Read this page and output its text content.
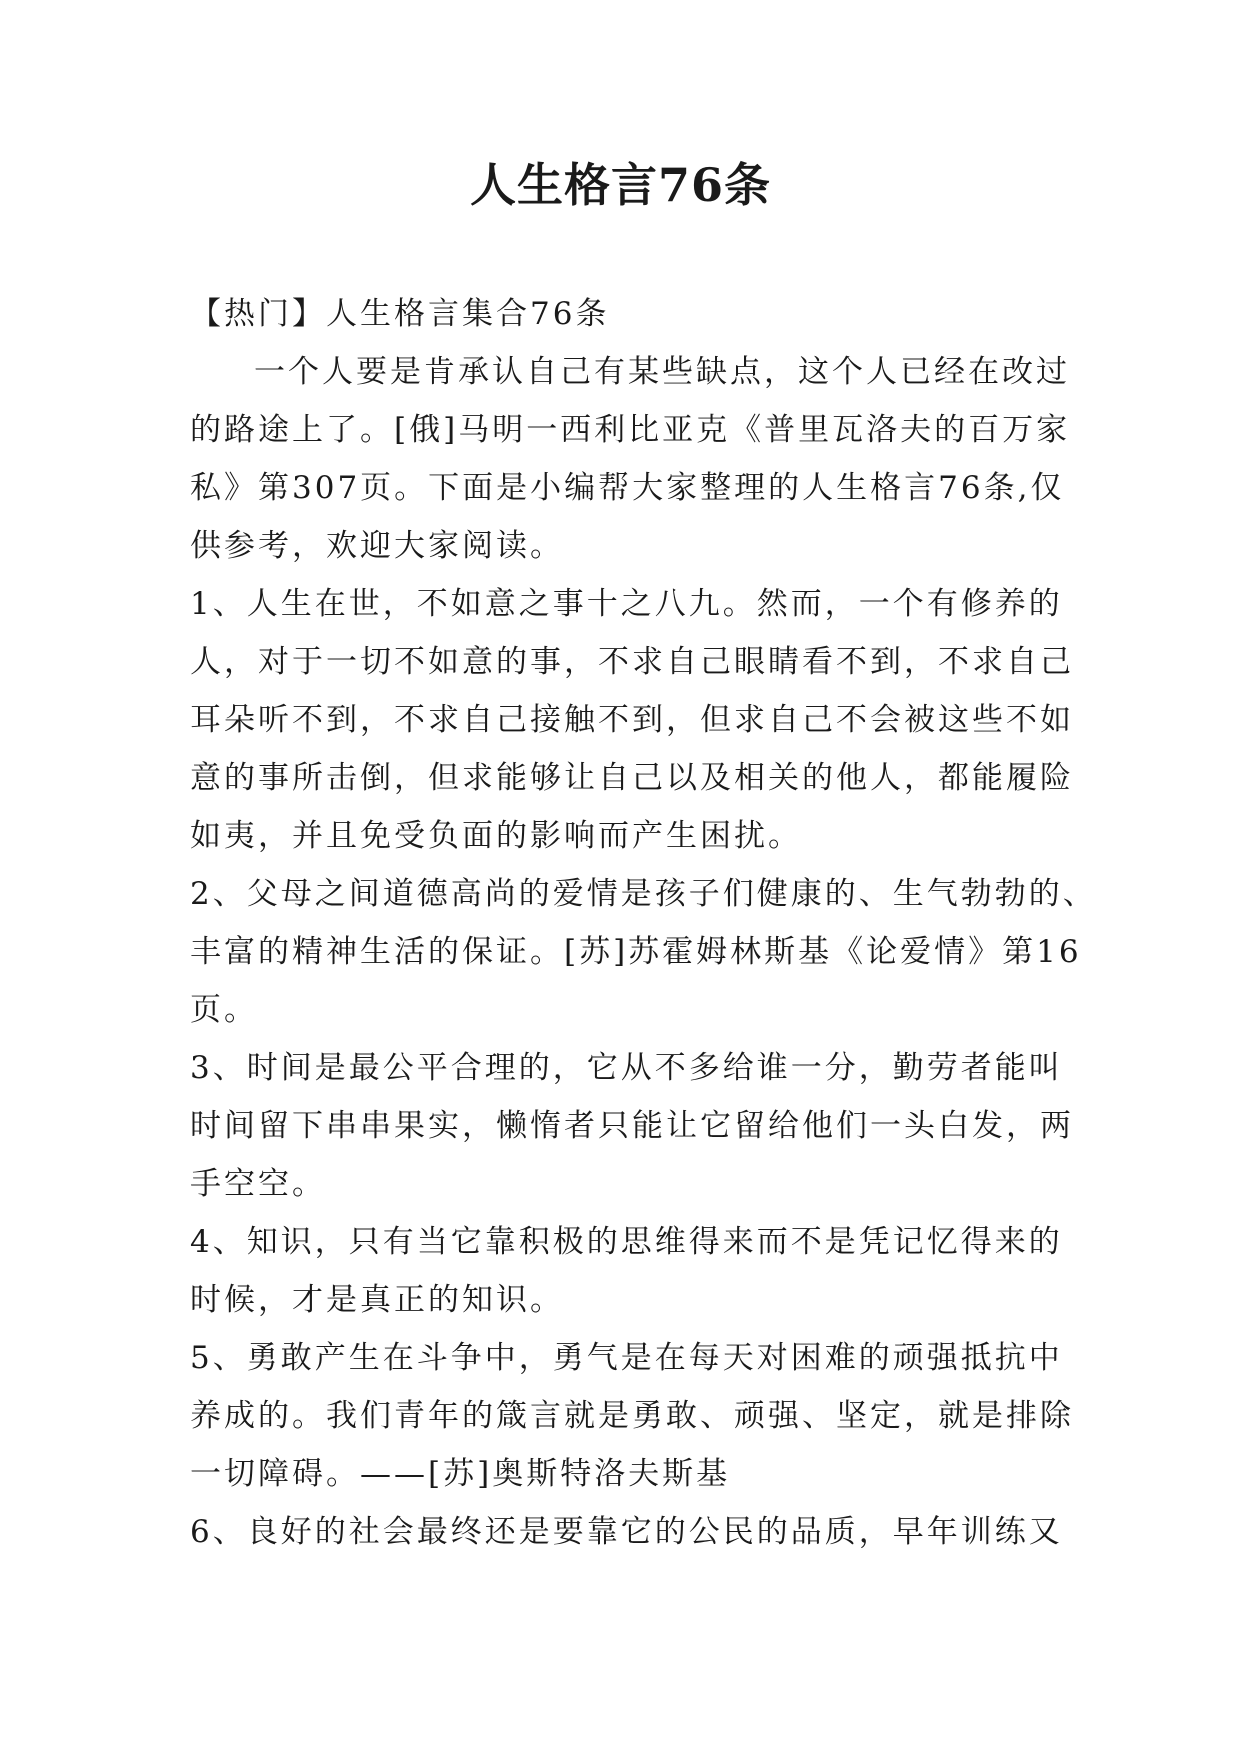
人生格言76条
【热门】人生格言集合76条
一个人要是肯承认自己有某些缺点，这个人已经在改过
的路途上了。[俄]马明一西利比亚克《普里瓦洛夫的百万家
私》第307页。下面是小编帮大家整理的人生格言76条,仅
供参考，欢迎大家阅读。
1、人生在世，不如意之事十之八九。然而，一个有修养的
人，对于一切不如意的事，不求自己眼睛看不到，不求自己
耳朵听不到，不求自己接触不到，但求自己不会被这些不如
意的事所击倒，但求能够让自己以及相关的他人，都能履险
如夷，并且免受负面的影响而产生困扰。
2、父母之间道德高尚的爱情是孩子们健康的、生气勃勃的、
丰富的精神生活的保证。[苏]苏霍姆林斯基《论爱情》第16
页。
3、时间是最公平合理的，它从不多给谁一分，勤劳者能叫
时间留下串串果实，懒惰者只能让它留给他们一头白发，两
手空空。
4、知识，只有当它靠积极的思维得来而不是凭记忆得来的
时候，才是真正的知识。
5、勇敢产生在斗争中，勇气是在每天对困难的顽强抵抗中
养成的。我们青年的箴言就是勇敢、顽强、坚定，就是排除
一切障碍。——[苏]奥斯特洛夫斯基
6、良好的社会最终还是要靠它的公民的品质，早年训练又
